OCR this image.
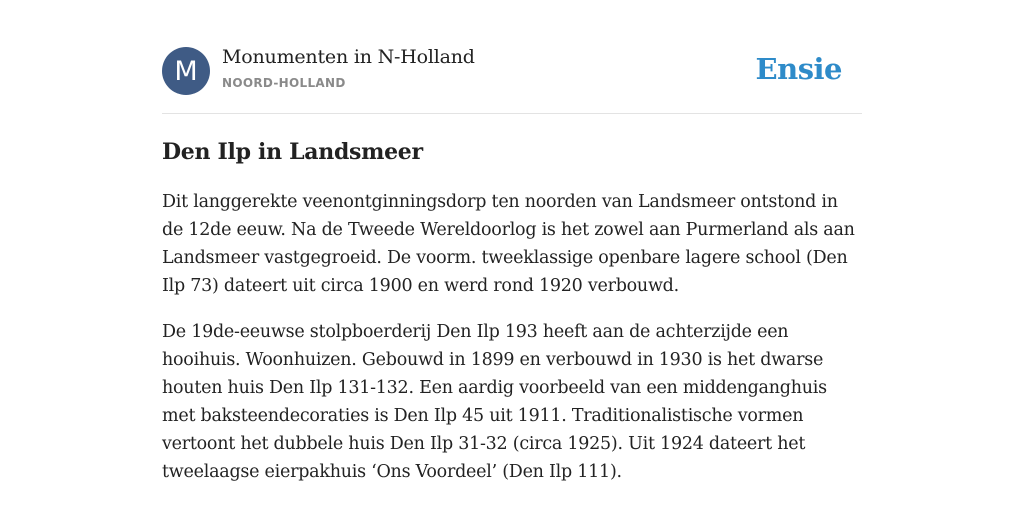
M	Monumenten in N-Holland
NOORD-HOLLAND	Ensie
Den Ilp in Landsmeer

Dit langgerekte veenontginningsdorp ten noorden van Landsmeer ontstond in de 12de eeuw. Na de Tweede Wereldoorlog is het zowel aan Purmerland als aan Landsmeer vastgegroeid. De voorm. tweeklassige openbare lagere school (Den Ilp 73) dateert uit circa 1900 en werd rond 1920 verbouwd.

De 19de-eeuwse stolpboerderij Den Ilp 193 heeft aan de achterzijde een hooihuis. Woonhuizen. Gebouwd in 1899 en verbouwd in 1930 is het dwarse houten huis Den Ilp 131-132. Een aardig voorbeeld van een middenganghuis met baksteendecoraties is Den Ilp 45 uit 1911. Traditionalistische vormen vertoont het dubbele huis Den Ilp 31-32 (circa 1925). Uit 1924 dateert het tweelaagse eierpakhuis ‘Ons Voordeel’ (Den Ilp 111).
